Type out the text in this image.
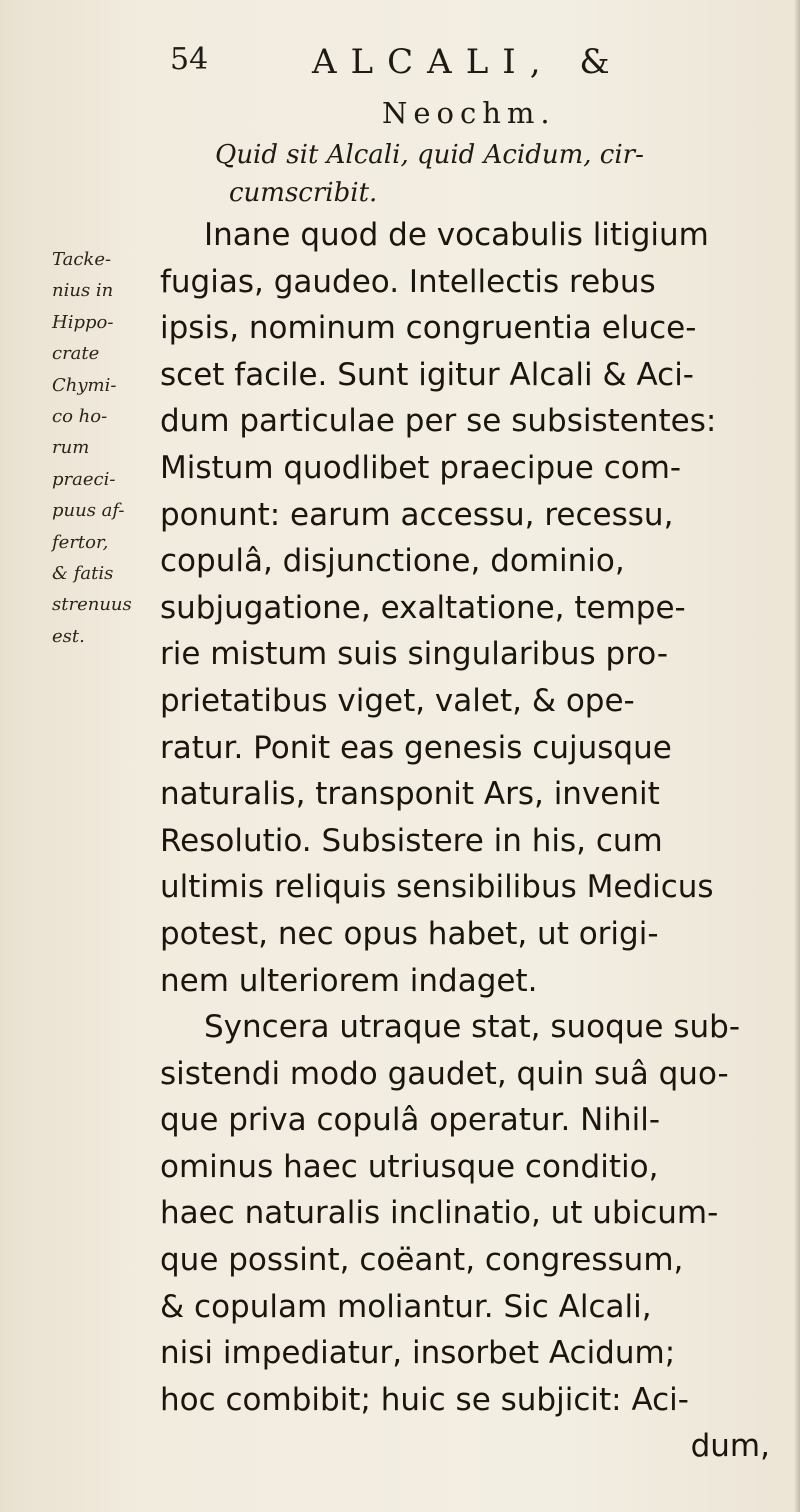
54	ALCALI, &
Neochm.
Quid sit Alcali, quid Acidum, cir-
cumscribit.
Tacke-
nius in
Hippo-
crate
Chymi-
co ho-
rum
praeci-
puus af-
fertor,
& fatis
strenuus
est.
Inane quod de vocabulis litigium
fugias, gaudeo. Intellectis rebus
ipsis, nominum congruentia eluce-
scet facile. Sunt igitur Alcali & Aci-
dum particulae per se subsistentes:
Mistum quodlibet praecipue com-
ponunt: earum accessu, recessu,
copulâ, disjunctione, dominio,
subjugatione, exaltatione, tempe-
rie mistum suis singularibus pro-
prietatibus viget, valet, & ope-
ratur. Ponit eas genesis cujusque
naturalis, transponit Ars, invenit
Resolutio. Subsistere in his, cum
ultimis reliquis sensibilibus Medicus
potest, nec opus habet, ut origi-
nem ulteriorem indaget.
Syncera utraque stat, suoque sub-
sistendi modo gaudet, quin suâ quo-
que priva copulâ operatur. Nihil-
ominus haec utriusque conditio,
haec naturalis inclinatio, ut ubicum-
que possint, coëant, congressum,
& copulam moliantur. Sic Alcali,
nisi impediatur, insorbet Acidum;
hoc combibit; huic se subjicit: Aci-
dum,
